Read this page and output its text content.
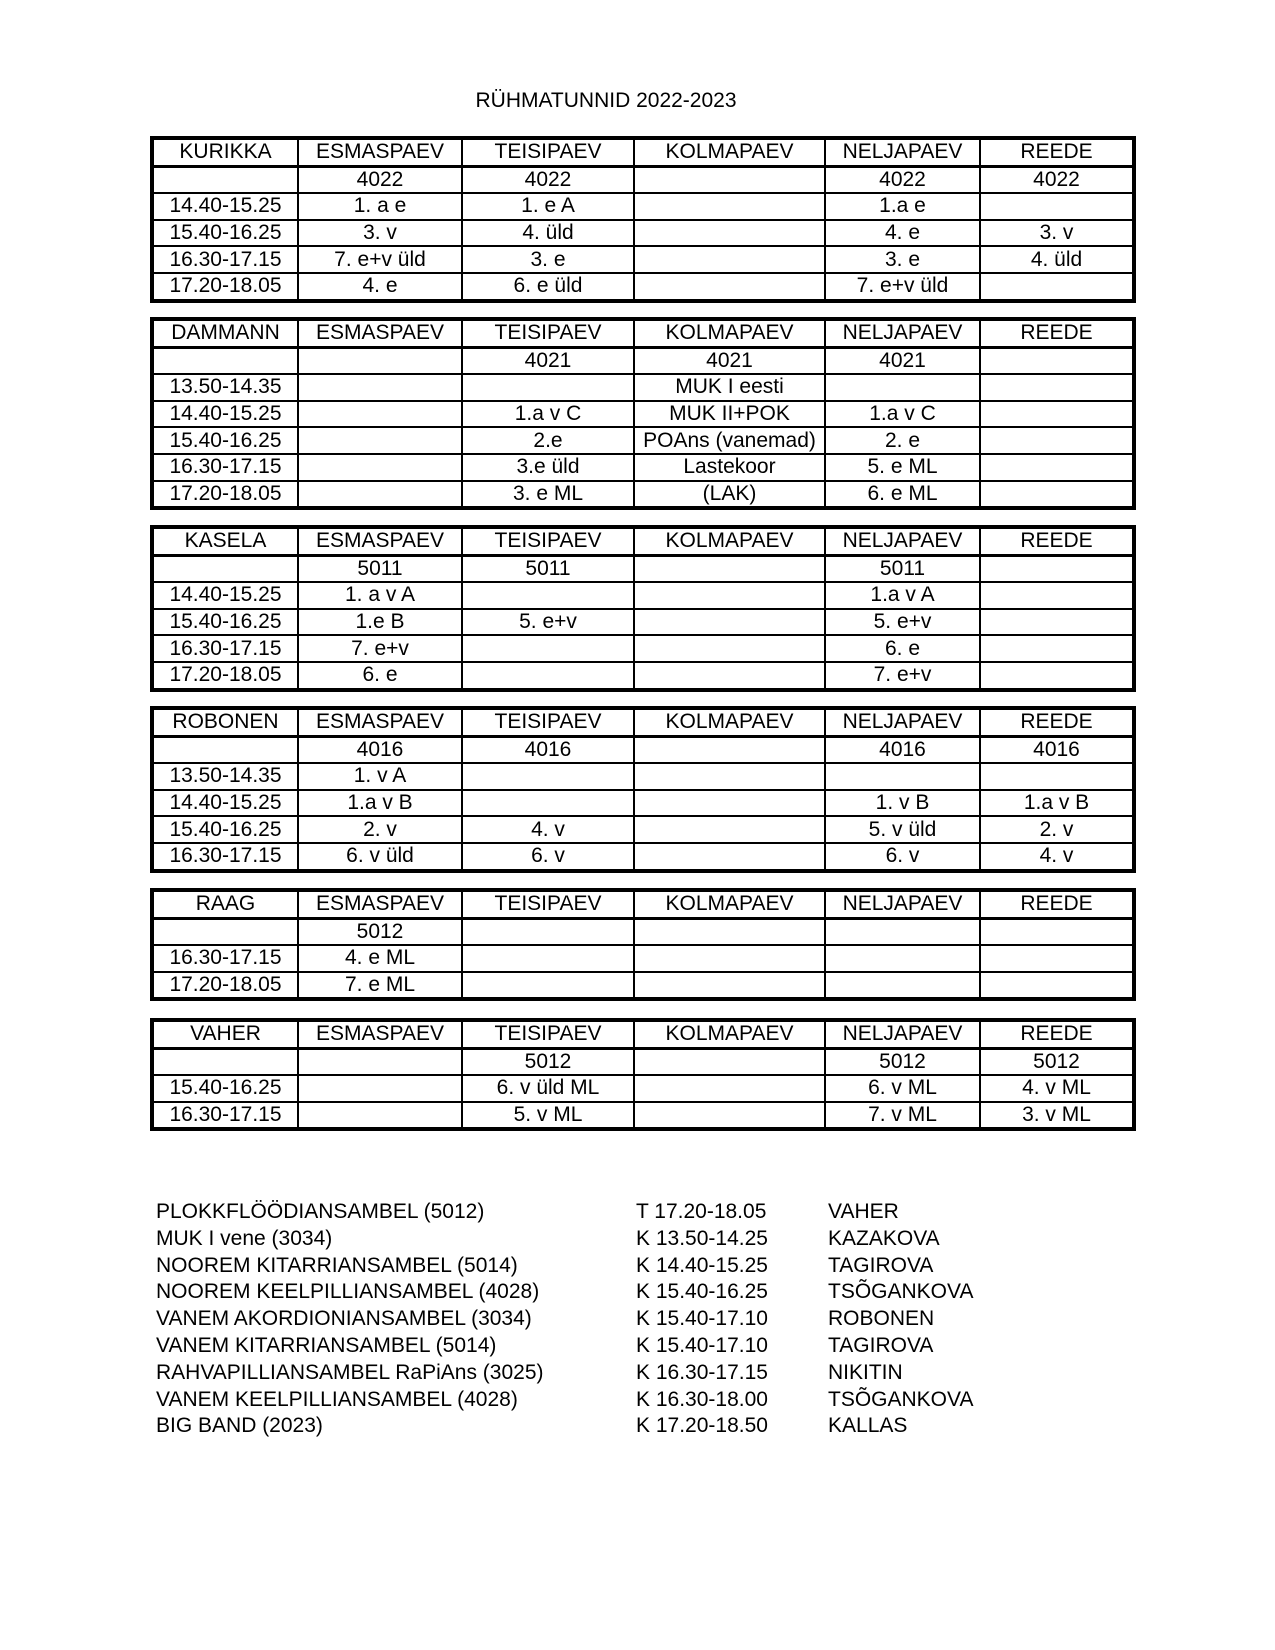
RÜHMATUNNID 2022-2023
KURIKKA	ESMASPAEV	TEISIPAEV	KOLMAPAEV	NELJAPAEV	REEDE
	4022	4022		4022	4022
14.40-15.25	1. a e	1. e A		1.a e	
15.40-16.25	3. v	4. üld		4. e	3. v
16.30-17.15	7. e+v üld	3. e		3. e	4. üld
17.20-18.05	4. e	6. e üld		7. e+v üld	
DAMMANN	ESMASPAEV	TEISIPAEV	KOLMAPAEV	NELJAPAEV	REEDE
		4021	4021	4021	
13.50-14.35			MUK I eesti		
14.40-15.25		1.a v C	MUK II+POK	1.a v C	
15.40-16.25		2.e	POAns (vanemad)	2. e	
16.30-17.15		3.e üld	Lastekoor	5. e ML	
17.20-18.05		3. e ML	(LAK)	6. e ML	
KASELA	ESMASPAEV	TEISIPAEV	KOLMAPAEV	NELJAPAEV	REEDE
	5011	5011		5011	
14.40-15.25	1. a v A			1.a v A	
15.40-16.25	1.e B	5. e+v		5. e+v	
16.30-17.15	7. e+v			6. e	
17.20-18.05	6. e			7. e+v	
ROBONEN	ESMASPAEV	TEISIPAEV	KOLMAPAEV	NELJAPAEV	REEDE
	4016	4016		4016	4016
13.50-14.35	1. v A				
14.40-15.25	1.a v B			1. v B	1.a v B
15.40-16.25	2. v	4. v		5. v üld	2. v
16.30-17.15	6. v üld	6. v		6. v	4. v
RAAG	ESMASPAEV	TEISIPAEV	KOLMAPAEV	NELJAPAEV	REEDE
	5012				
16.30-17.15	4. e ML				
17.20-18.05	7. e ML				
VAHER	ESMASPAEV	TEISIPAEV	KOLMAPAEV	NELJAPAEV	REEDE
		5012		5012	5012
15.40-16.25		6. v üld ML		6. v ML	4. v ML
16.30-17.15		5. v ML		7. v ML	3. v ML
PLOKKFLÖÖDIANSAMBEL (5012)	T 17.20-18.05	VAHER
MUK I vene (3034)	K 13.50-14.25	KAZAKOVA
NOOREM KITARRIANSAMBEL (5014)	K 14.40-15.25	TAGIROVA
NOOREM KEELPILLIANSAMBEL (4028)	K 15.40-16.25	TSÕGANKOVA
VANEM AKORDIONIANSAMBEL (3034)	K 15.40-17.10	ROBONEN
VANEM KITARRIANSAMBEL (5014)	K 15.40-17.10	TAGIROVA
RAHVAPILLIANSAMBEL RaPiAns (3025)	K 16.30-17.15	NIKITIN
VANEM KEELPILLIANSAMBEL (4028)	K 16.30-18.00	TSÕGANKOVA
BIG BAND (2023)	K 17.20-18.50	KALLAS
